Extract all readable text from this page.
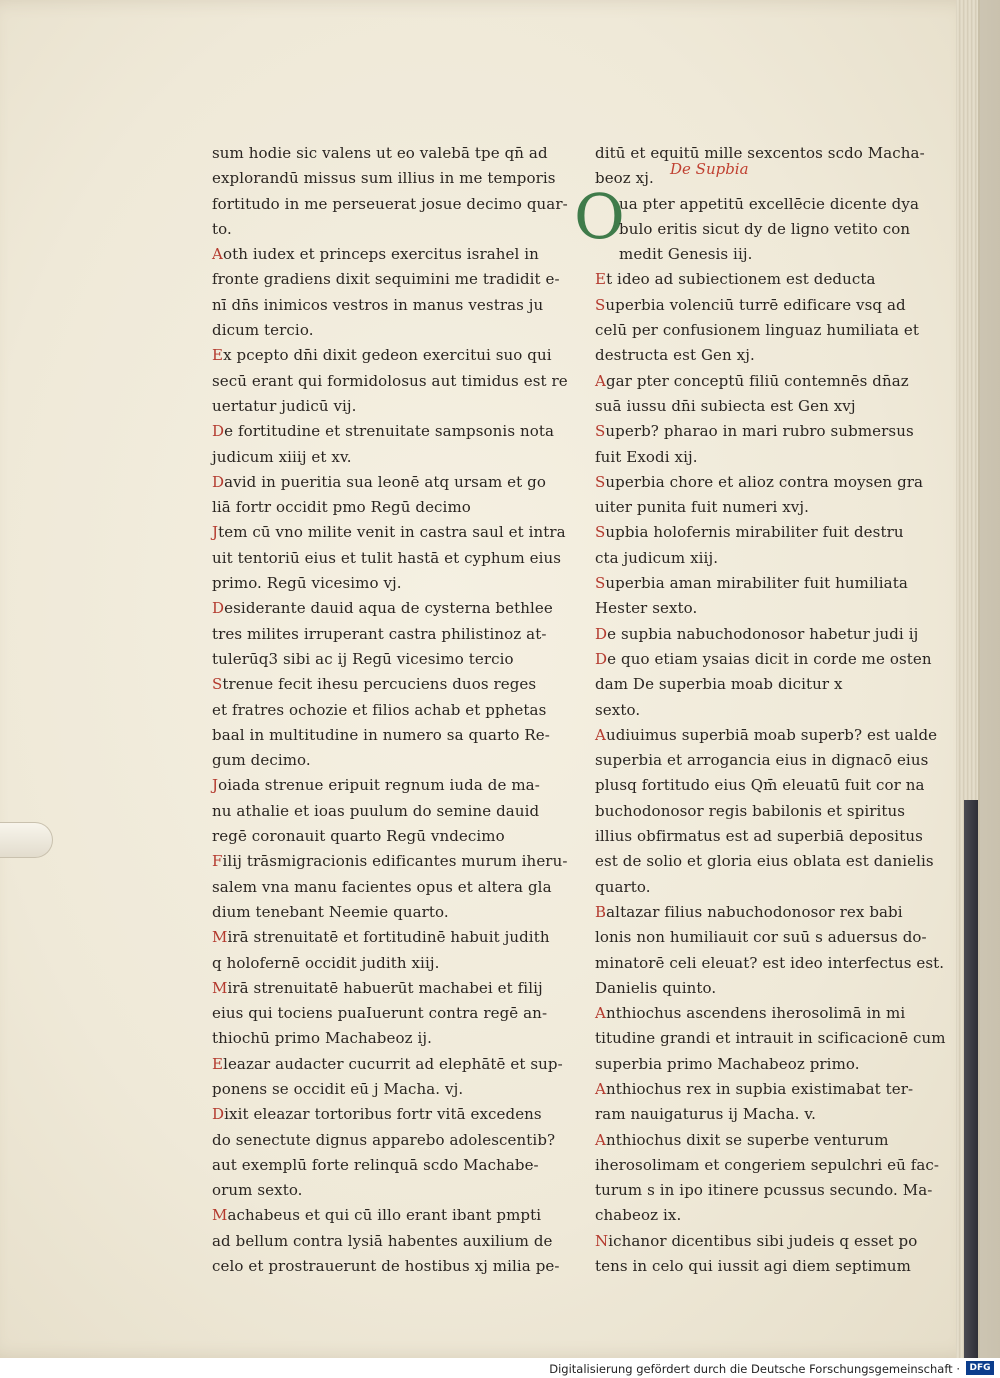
De Supbia
O
sum hodie sic valens ut eo valebā tpe qn̄ ad
explorandū missus sum illius in me temporis
fortitudo in me perseuerat josue decimo quar-
to.
Aoth iudex et princeps exercitus israhel in
fronte gradiens dixit sequimini me tradidit e-
nī dn̄s inimicos vestros in manus vestras ju
dicum tercio.
Ex pcepto dn̄i dixit gedeon exercitui suo qui
secū erant qui formidolosus aut timidus est re
uertatur judicū vij.
De fortitudine et strenuitate sampsonis nota
judicum xiiij et xv.
David in pueritia sua leonē atq ursam et go
liā fortr occidit pmo Regū decimo
Jtem cū vno milite venit in castra saul et intra
uit tentoriū eius et tulit hastā et cyphum eius
primo. Regū vicesimo vj.
Desiderante dauid aqua de cysterna bethlee
tres milites irruperant castra philistinoz at-
tulerūq3 sibi ac ij Regū vicesimo tercio
Strenue fecit ihesu percuciens duos reges
et fratres ochozie et filios achab et pphetas
baal in multitudine in numero sa quarto Re-
gum decimo.
Joiada strenue eripuit regnum iuda de ma-
nu athalie et ioas puulum do semine dauid
regē coronauit quarto Regū vndecimo
Filij trāsmigracionis edificantes murum iheru-
salem vna manu facientes opus et altera gla
dium tenebant Neemie quarto.
Mirā strenuitatē et fortitudinē habuit judith
q holofernē occidit judith xiij.
Mirā strenuitatē habuerūt machabei et filij
eius qui tociens puaIuerunt contra regē an-
thiochū primo Machabeoz ij.
Eleazar audacter cucurrit ad elephātē et sup-
ponens se occidit eū j Macha. vj.
Dixit eleazar tortoribus fortr vitā excedens
do senectute dignus apparebo adolescentib?
aut exemplū forte relinquā scdo Machabe-
orum sexto.
Machabeus et qui cū illo erant ibant pmpti
ad bellum contra lysiā habentes auxilium de
celo et prostrauerunt de hostibus xj milia pe-
ditū et equitū mille sexcentos scdo Macha-
beoz xj.
ua pter appetitū excellēcie dicente dya
bulo eritis sicut dy de ligno vetito con
medit Genesis iij.
Et ideo ad subiectionem est deducta
Superbia volenciū turrē edificare vsq ad
celū per confusionem linguaz humiliata et
destructa est Gen xj.
Agar pter conceptū filiū contemnēs dn̄az
suā iussu dn̄i subiecta est Gen xvj
Superb? pharao in mari rubro submersus
fuit Exodi xij.
Superbia chore et alioz contra moysen gra
uiter punita fuit numeri xvj.
Supbia holofernis mirabiliter fuit destru
cta judicum xiij.
Superbia aman mirabiliter fuit humiliata
Hester sexto.
De supbia nabuchodonosor habetur judi ij
De quo etiam ysaias dicit in corde me osten
dam De superbia moab dicitur x
sexto.
Audiuimus superbiā moab superb? est ualde
superbia et arrogancia eius in dignacō eius
plusq fortitudo eius Qm̄ eleuatū fuit cor na
buchodonosor regis babilonis et spiritus
illius obfirmatus est ad superbiā depositus
est de solio et gloria eius oblata est danielis
quarto.
Baltazar filius nabuchodonosor rex babi
lonis non humiliauit cor suū s aduersus do-
minatorē celi eleuat? est ideo interfectus est.
Danielis quinto.
Anthiochus ascendens iherosolimā in mi
titudine grandi et intrauit in scificacionē cum
superbia primo Machabeoz primo.
Anthiochus rex in supbia existimabat ter-
ram nauigaturus ij Macha. v.
Anthiochus dixit se superbe venturum
iherosolimam et congeriem sepulchri eū fac-
turum s in ipo itinere pcussus secundo. Ma-
chabeoz ix.
Nichanor dicentibus sibi judeis q esset po
tens in celo qui iussit agi diem septimum
Digitalisierung gefördert durch die Deutsche Forschungsgemeinschaft ·	DFG
